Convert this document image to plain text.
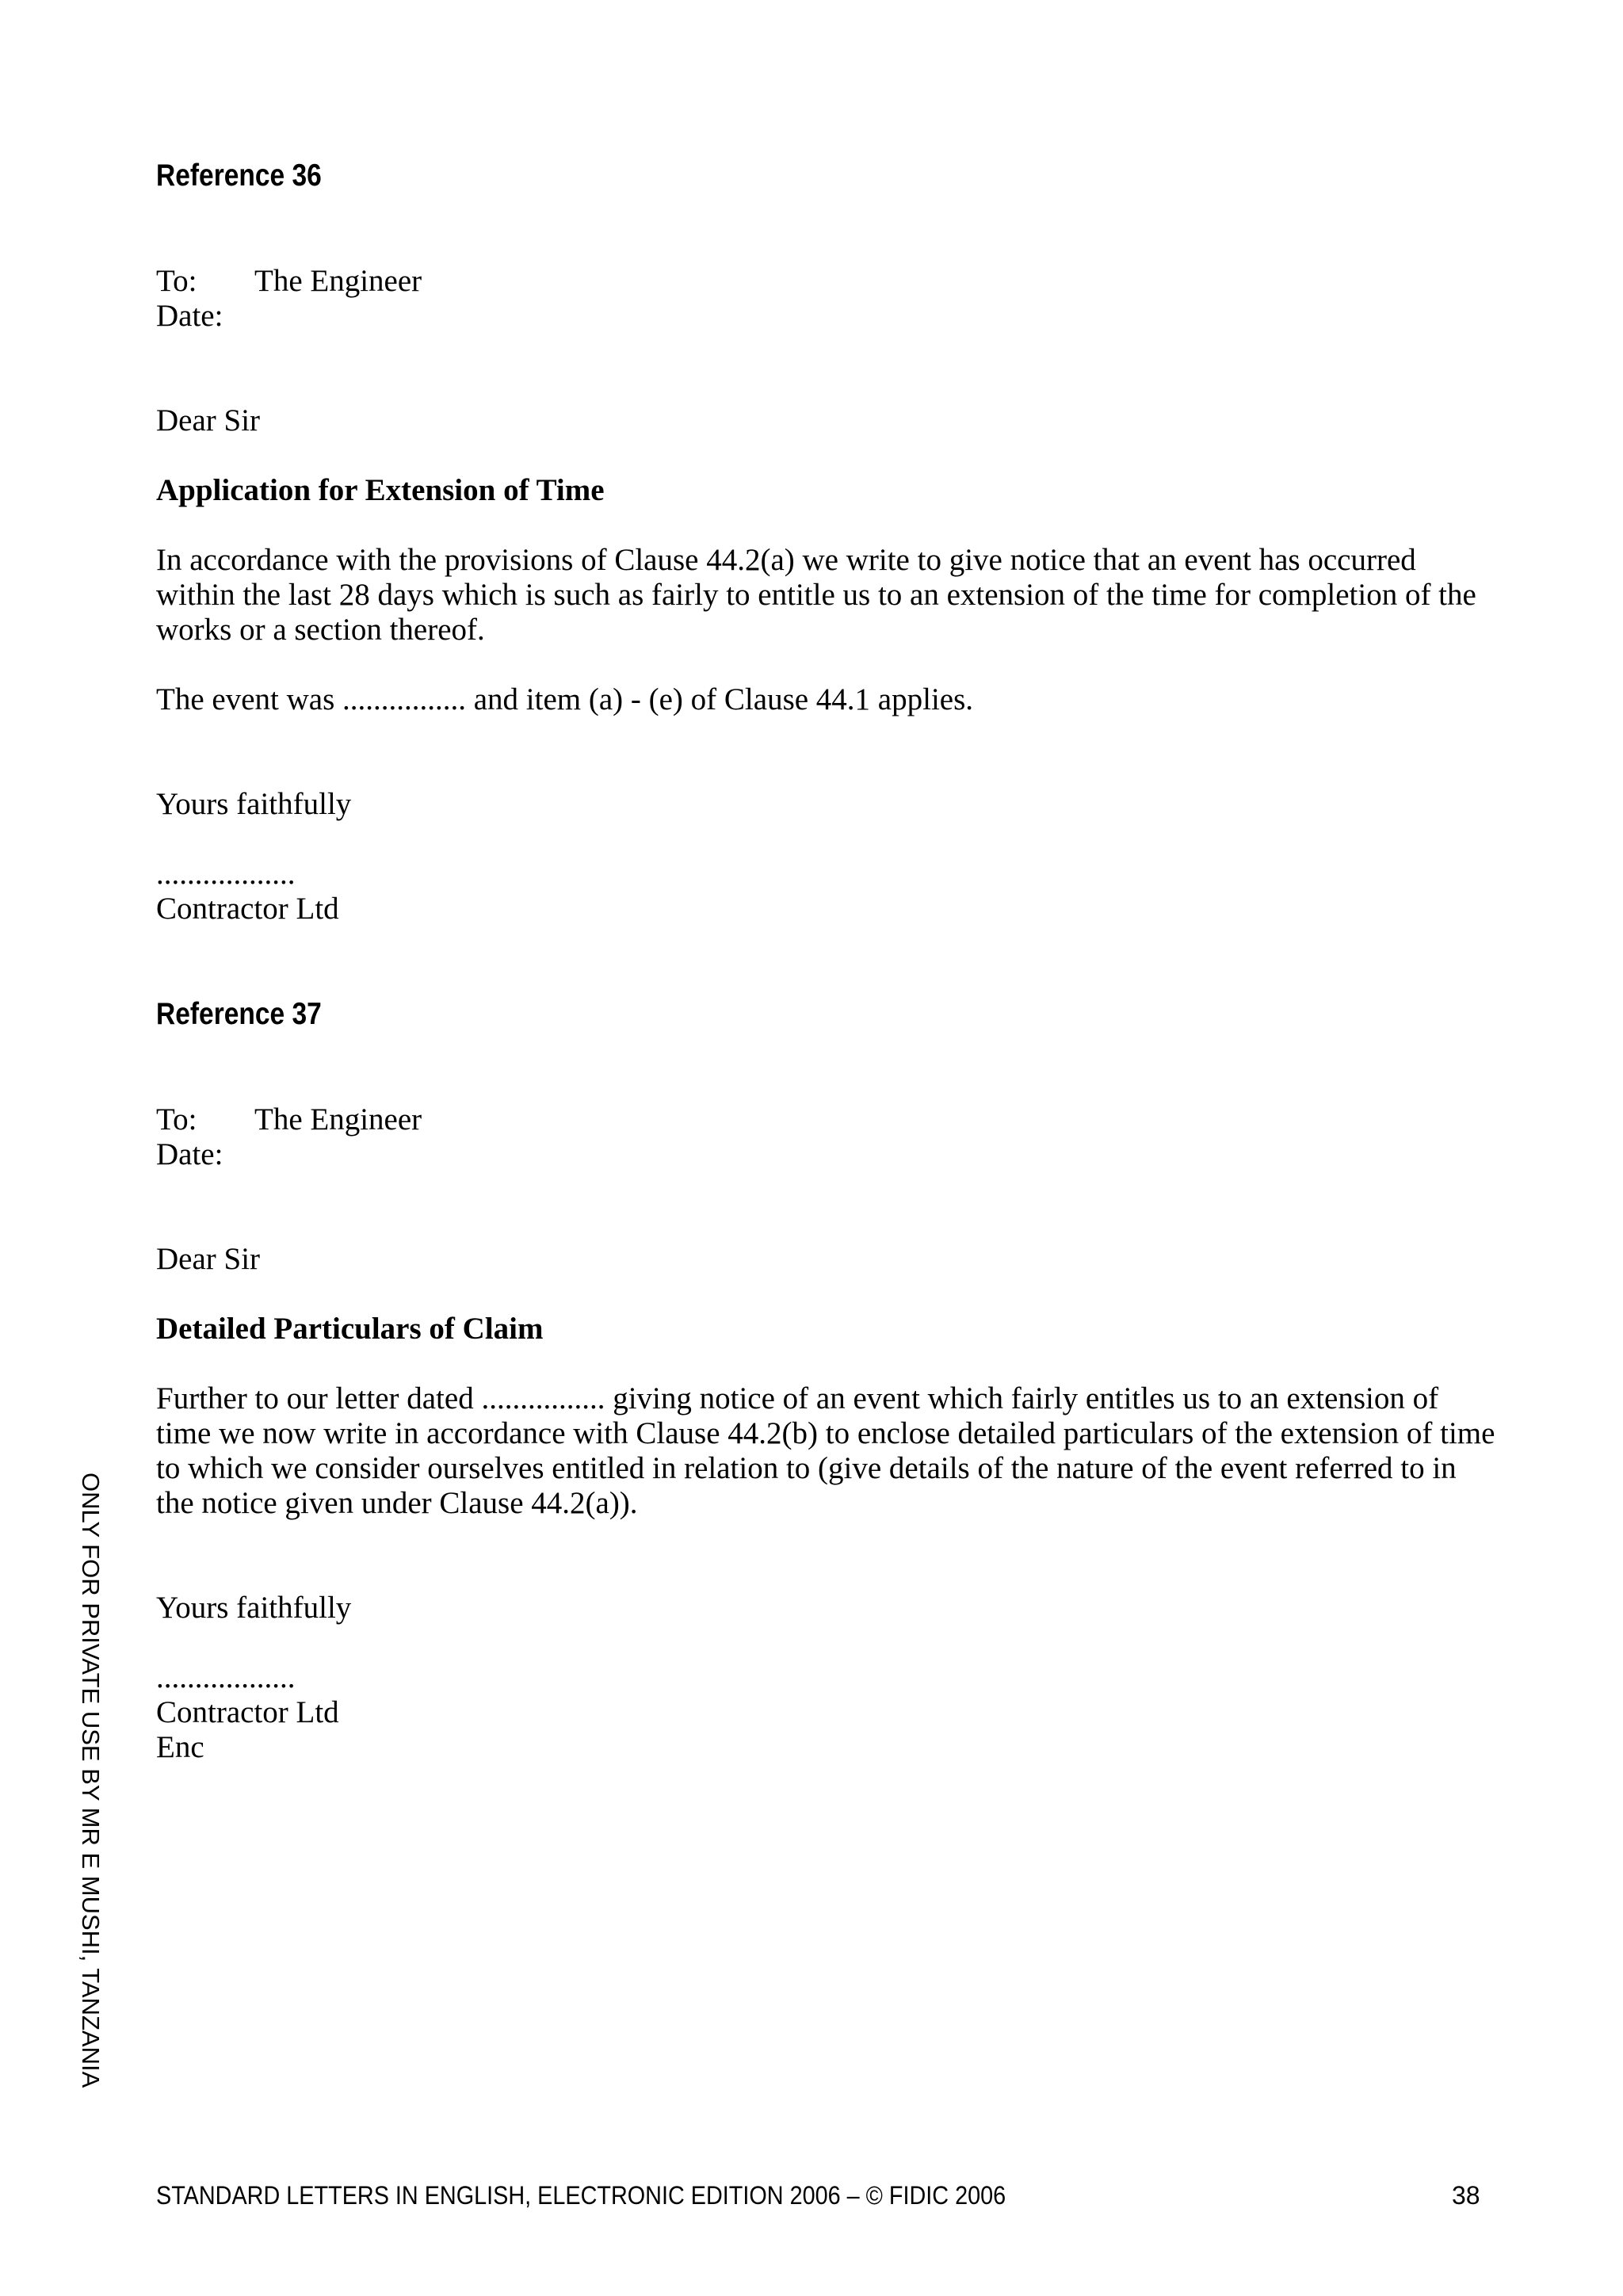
Reference 36
To: The Engineer
Date:
Dear Sir
Application for Extension of Time
In accordance with the provisions of Clause 44.2(a) we write to give notice that an event has occurred within the last 28 days which is such as fairly to entitle us to an extension of the time for completion of the works or a section thereof.
The event was ................ and item (a) - (e) of Clause 44.1 applies.
Yours faithfully
..................
Contractor Ltd
Reference 37
To: The Engineer
Date:
Dear Sir
Detailed Particulars of Claim
Further to our letter dated ................ giving notice of an event which fairly entitles us to an extension of time we now write in accordance with Clause 44.2(b) to enclose detailed particulars of the extension of time to which we consider ourselves entitled in relation to (give details of the nature of the event referred to in the notice given under Clause 44.2(a)).
Yours faithfully
..................
Contractor Ltd
Enc
ONLY FOR PRIVATE USE BY MR E MUSHI, TANZANIA
STANDARD LETTERS IN ENGLISH, ELECTRONIC EDITION 2006 – © FIDIC 2006	38
